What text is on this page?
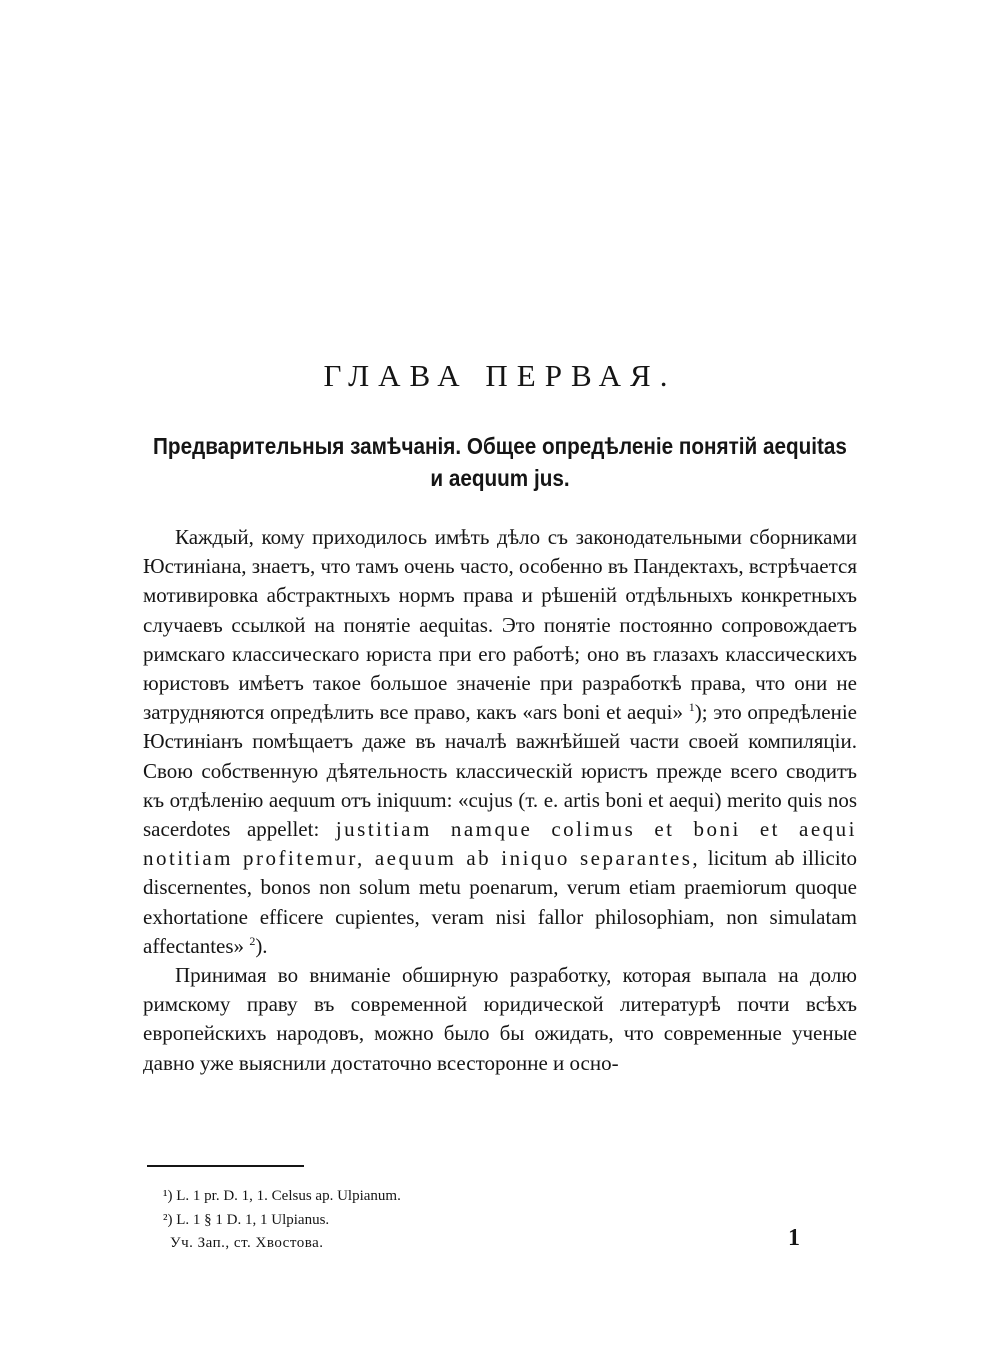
ГЛАВА ПЕРВАЯ.
Предварительныя замѣчанія. Общее опредѣленіе понятій aequitas
и aequum jus.

Каждый, кому приходилось имѣть дѣло съ законодательными сборниками Юстиніана, знаетъ, что тамъ очень часто, особенно въ Пандектахъ, встрѣчается мотивировка абстрактныхъ нормъ права и рѣшеній отдѣльныхъ конкретныхъ случаевъ ссылкой на понятіе aequitas. Это понятіе постоянно сопровождаетъ римскаго классическаго юриста при его работѣ; оно въ глазахъ классическихъ юристовъ имѣетъ такое большое значеніе при разработкѣ права, что они не затрудняются опредѣлить все право, какъ «ars boni et aequi» $^1$); это опредѣленіе Юстиніанъ помѣщаетъ даже въ началѣ важнѣйшей части своей компиляціи. Свою собственную дѣятельность классическій юристъ прежде всего сводитъ къ отдѣленію aequum отъ iniquum: «cujus (т. е. artis boni et aequi) merito quis nos sacerdotes appellet: justitiam namque colimus et boni et aequi notitiam profitemur, aequum ab iniquo separantes, licitum ab illicito discernentes, bonos non solum metu poenarum, verum etiam praemiorum quoque exhortatione efficere cupientes, veram nisi fallor philosophiam, non simulatam affectantes» $^2$).

Принимая во вниманіе обширную разработку, которая выпала на долю римскому праву въ современной юридической литературѣ почти всѣхъ европейскихъ народовъ, можно было бы ожидать, что современные ученые давно уже выяснили достаточно всесторонне и осно-

¹) L. 1 pr. D. 1, 1. Celsus ap. Ulpianum.
²) L. 1 § 1 D. 1, 1 Ulpianus.
Уч. Зап., ст. Хвостова.	1
